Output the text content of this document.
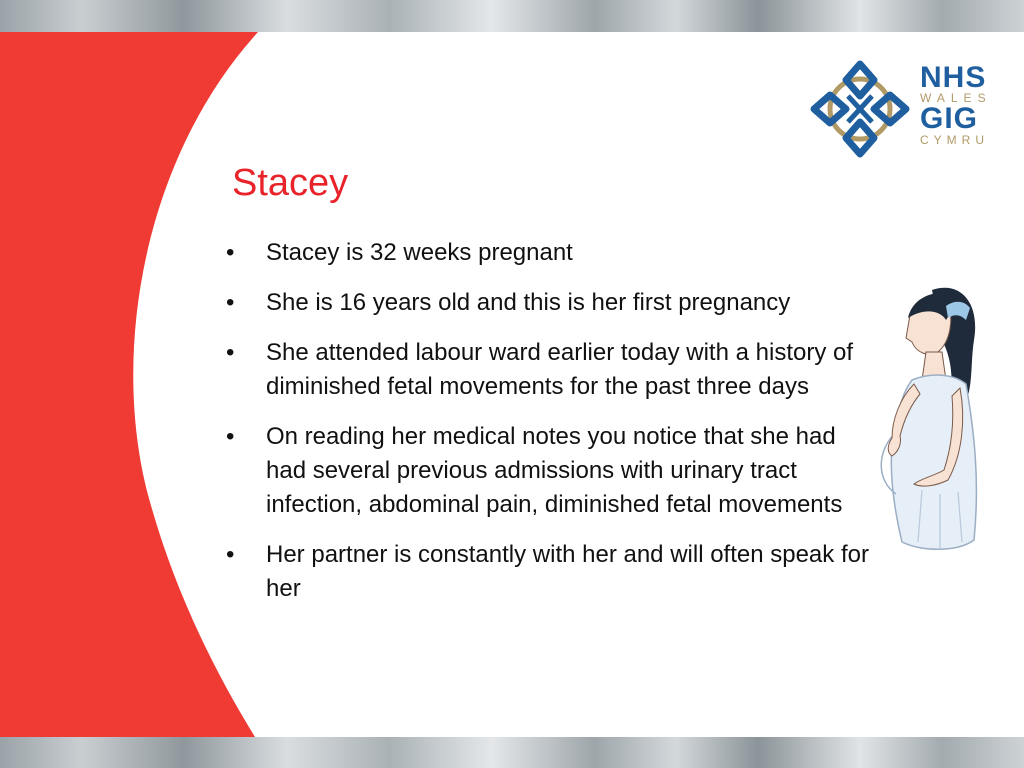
NHS
WALES
GIG
CYMRU
Stacey
• Stacey is 32 weeks pregnant
• She is 16 years old and this is her first pregnancy
• She attended labour ward earlier today with a history of diminished fetal movements for the past three days
• On reading her medical notes you notice that she had had several previous admissions with urinary tract infection, abdominal pain, diminished fetal movements
• Her partner is constantly with her and will often speak for her
